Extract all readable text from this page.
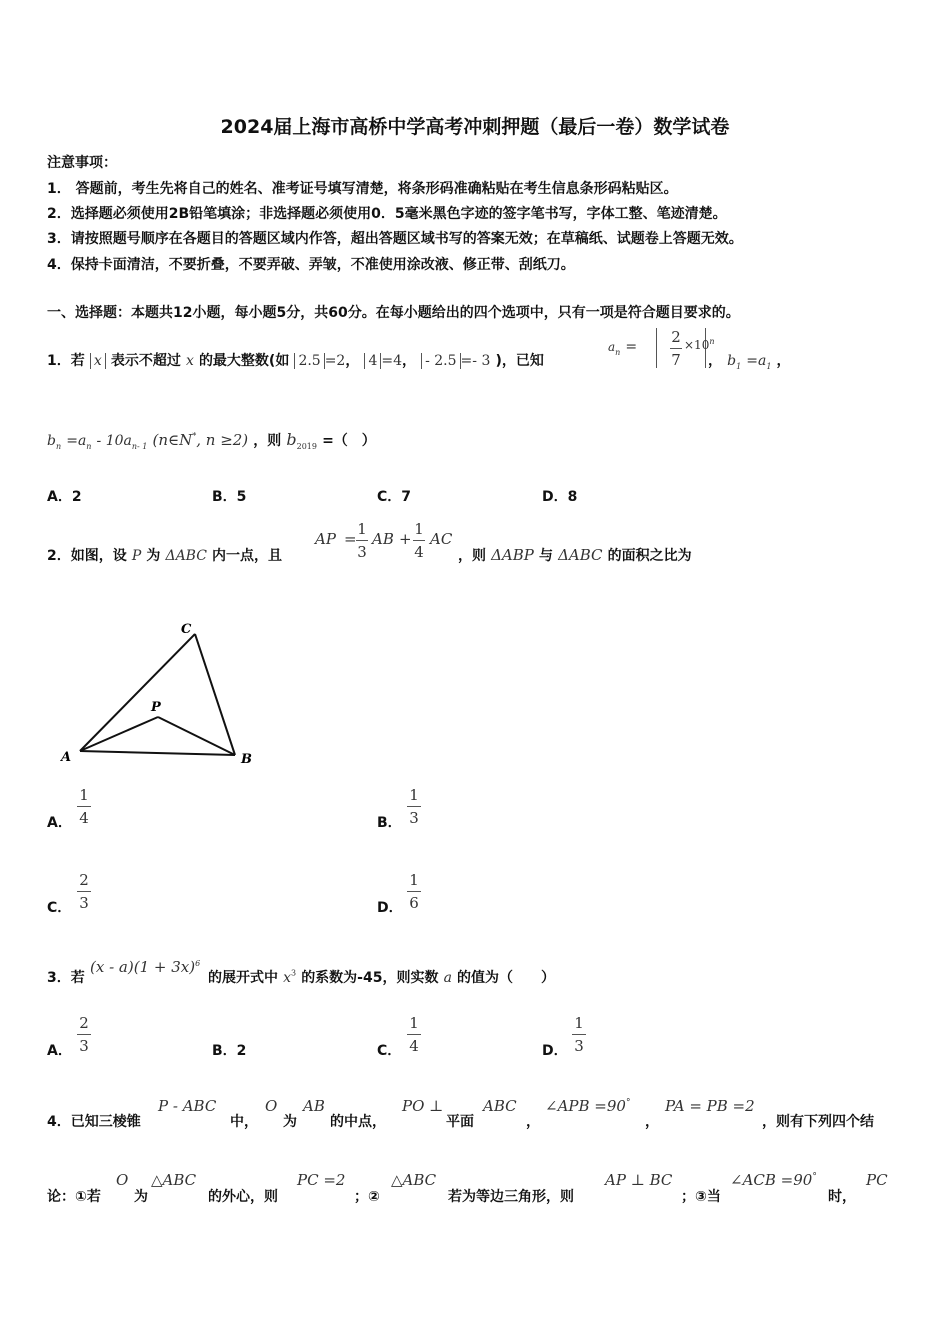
2024届上海市高桥中学高考冲刺押题（最后一卷）数学试卷
注意事项：
1． 答题前，考生先将自己的姓名、准考证号填写清楚，将条形码准确粘贴在考生信息条形码粘贴区。
2．选择题必须使用2B铅笔填涂；非选择题必须使用0．5毫米黑色字迹的签字笔书写，字体工整、笔迹清楚。
3．请按照题号顺序在各题目的答题区域内作答，超出答题区域书写的答案无效；在草稿纸、试题卷上答题无效。
4．保持卡面清洁，不要折叠，不要弄破、弄皱，不准使用涂改液、修正带、刮纸刀。
一、选择题：本题共12小题，每小题5分，共60分。在每小题给出的四个选项中，只有一项是符合题目要求的。
1．若 x 表示不超过 x 的最大整数(如 2.5 =2， 4 =4， - 2.5 =- 3 )，已知
$a_n$ =
2
7
$\times 10^n$
， $b_1 =a_1$ ，
$b_n =a_n - 10a_{n- 1}$ (n∈N*, n ≥2) ，则 $b_{2019}$ =（　）
A．2	B．5	C．7	D．8
2．如图，设 P 为 ΔABC 内一点，且
AP =
1
3
AB +
1
4
AC
，则 ΔABP 与 ΔABC 的面积之比为
A	B
C
P
A．
1
4	B．
1
3
C．
2
3	D．
1
6
3．若
$(x - a)(1 + 3x)^6$
的展开式中 $x^3$ 的系数为-45，则实数 a 的值为（　　）
A．
2
3	B．2	C．
1
4	D．
1
3
4．已知三棱锥
P - ABC
中，
O
为
AB
的中点，
PO ⊥
平面
ABC
，
∠APB =90°
，
PA = PB =2
，则有下列四个结
论：①若
O
为
△ABC
的外心，则
PC =2
；②
△ABC
若为等边三角形，则
AP ⊥ BC
；③当
∠ACB =90°
时，
PC
